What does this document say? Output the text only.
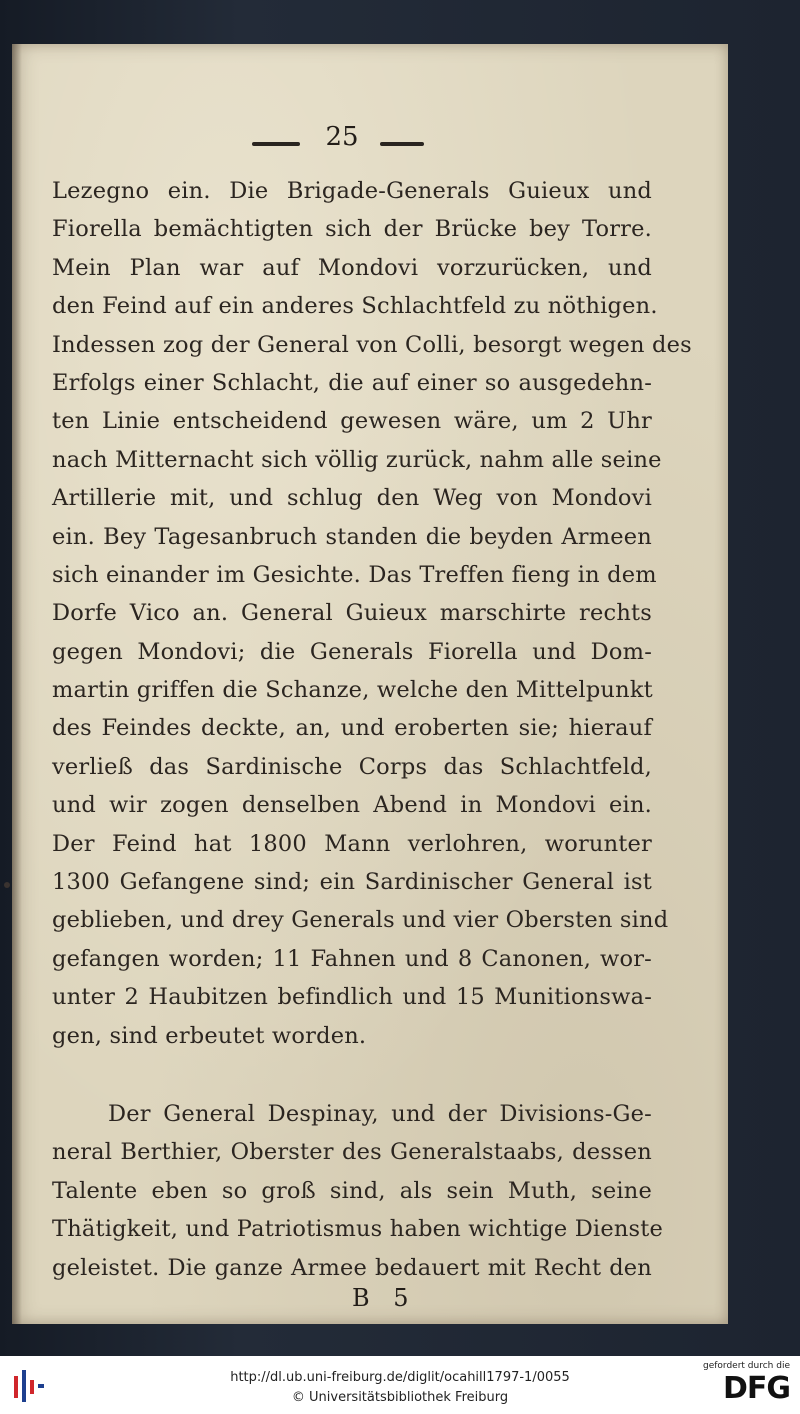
25
Lezegno ein. Die Brigade-Generals Guieux und
Fiorella bemächtigten sich der Brücke bey Torre.
Mein Plan war auf Mondovi vorzurücken, und
den Feind auf ein anderes Schlachtfeld zu nöthigen.
Indessen zog der General von Colli, besorgt wegen des
Erfolgs einer Schlacht, die auf einer so ausgedehn-
ten Linie entscheidend gewesen wäre, um 2 Uhr
nach Mitternacht sich völlig zurück, nahm alle seine
Artillerie mit, und schlug den Weg von Mondovi
ein. Bey Tagesanbruch standen die beyden Armeen
sich einander im Gesichte. Das Treffen fieng in dem
Dorfe Vico an. General Guieux marschirte rechts
gegen Mondovi; die Generals Fiorella und Dom-
martin griffen die Schanze, welche den Mittelpunkt
des Feindes deckte, an, und eroberten sie; hierauf
verließ das Sardinische Corps das Schlachtfeld,
und wir zogen denselben Abend in Mondovi ein.
Der Feind hat 1800 Mann verlohren, worunter
1300 Gefangene sind; ein Sardinischer General ist
geblieben, und drey Generals und vier Obersten sind
gefangen worden; 11 Fahnen und 8 Canonen, wor-
unter 2 Haubitzen befindlich und 15 Munitionswa-
gen, sind erbeutet worden.
Der General Despinay, und der Divisions-Ge-
neral Berthier, Oberster des Generalstaabs, dessen
Talente eben so groß sind, als sein Muth, seine
Thätigkeit, und Patriotismus haben wichtige Dienste
geleistet. Die ganze Armee bedauert mit Recht den
B 5
http://dl.ub.uni-freiburg.de/diglit/ocahill1797-1/0055
© Universitätsbibliothek Freiburg
gefordert durch die
DFG
